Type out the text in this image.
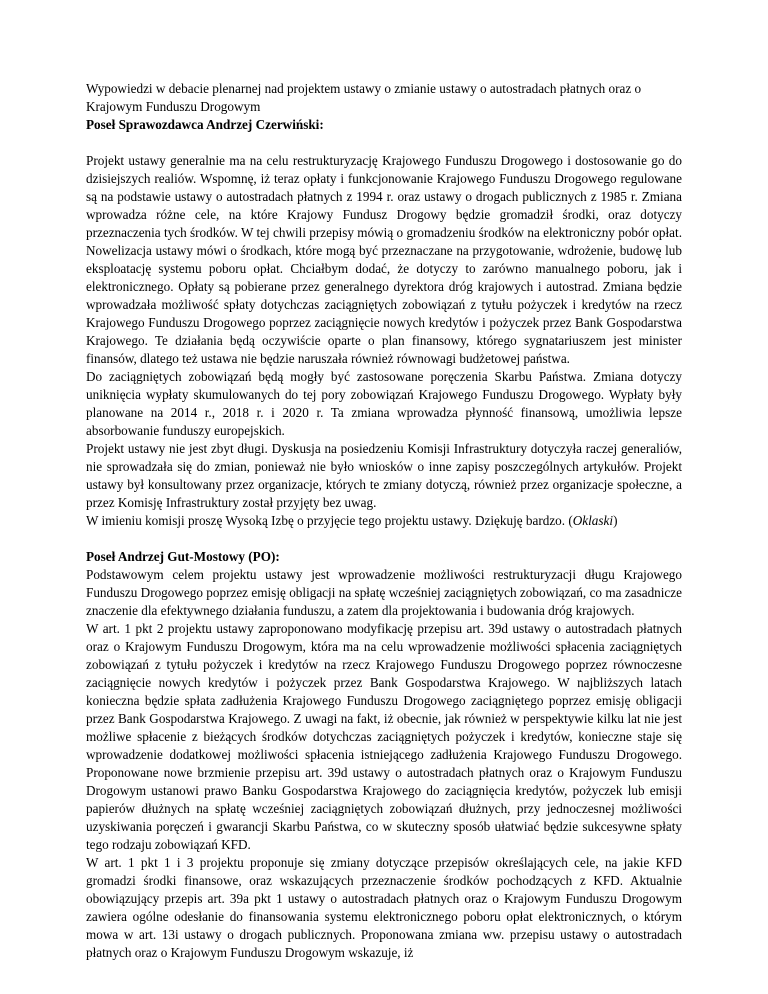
Wypowiedzi w debacie plenarnej nad projektem ustawy o zmianie ustawy o autostradach płatnych oraz o Krajowym Funduszu Drogowym

Poseł Sprawozdawca Andrzej Czerwiński:

Projekt ustawy generalnie ma na celu restrukturyzację Krajowego Funduszu Drogowego i dostosowanie go do dzisiejszych realiów. Wspomnę, iż teraz opłaty i funkcjonowanie Krajowego Funduszu Drogowego regulowane są na podstawie ustawy o autostradach płatnych z 1994 r. oraz ustawy o drogach publicznych z 1985 r. Zmiana wprowadza różne cele, na które Krajowy Fundusz Drogowy będzie gromadził środki, oraz dotyczy przeznaczenia tych środków. W tej chwili przepisy mówią o gromadzeniu środków na elektroniczny pobór opłat. Nowelizacja ustawy mówi o środkach, które mogą być przeznaczane na przygotowanie, wdrożenie, budowę lub eksploatację systemu poboru opłat. Chciałbym dodać, że dotyczy to zarówno manualnego poboru, jak i elektronicznego. Opłaty są pobierane przez generalnego dyrektora dróg krajowych i autostrad. Zmiana będzie wprowadzała możliwość spłaty dotychczas zaciągniętych zobowiązań z tytułu pożyczek i kredytów na rzecz Krajowego Funduszu Drogowego poprzez zaciągnięcie nowych kredytów i pożyczek przez Bank Gospodarstwa Krajowego. Te działania będą oczywiście oparte o plan finansowy, którego sygnatariuszem jest minister finansów, dlatego też ustawa nie będzie naruszała również równowagi budżetowej państwa.

Do zaciągniętych zobowiązań będą mogły być zastosowane poręczenia Skarbu Państwa. Zmiana dotyczy uniknięcia wypłaty skumulowanych do tej pory zobowiązań Krajowego Funduszu Drogowego. Wypłaty były planowane na 2014 r., 2018 r. i 2020 r. Ta zmiana wprowadza płynność finansową, umożliwia lepsze absorbowanie funduszy europejskich.

Projekt ustawy nie jest zbyt długi. Dyskusja na posiedzeniu Komisji Infrastruktury dotyczyła raczej generaliów, nie sprowadzała się do zmian, ponieważ nie było wniosków o inne zapisy poszczególnych artykułów. Projekt ustawy był konsultowany przez organizacje, których te zmiany dotyczą, również przez organizacje społeczne, a przez Komisję Infrastruktury został przyjęty bez uwag.

W imieniu komisji proszę Wysoką Izbę o przyjęcie tego projektu ustawy. Dziękuję bardzo. (Oklaski)

Poseł Andrzej Gut-Mostowy (PO):

Podstawowym celem projektu ustawy jest wprowadzenie możliwości restrukturyzacji długu Krajowego Funduszu Drogowego poprzez emisję obligacji na spłatę wcześniej zaciągniętych zobowiązań, co ma zasadnicze znaczenie dla efektywnego działania funduszu, a zatem dla projektowania i budowania dróg krajowych.

W art. 1 pkt 2 projektu ustawy zaproponowano modyfikację przepisu art. 39d ustawy o autostradach płatnych oraz o Krajowym Funduszu Drogowym, która ma na celu wprowadzenie możliwości spłacenia zaciągniętych zobowiązań z tytułu pożyczek i kredytów na rzecz Krajowego Funduszu Drogowego poprzez równoczesne zaciągnięcie nowych kredytów i pożyczek przez Bank Gospodarstwa Krajowego. W najbliższych latach konieczna będzie spłata zadłużenia Krajowego Funduszu Drogowego zaciągniętego poprzez emisję obligacji przez Bank Gospodarstwa Krajowego. Z uwagi na fakt, iż obecnie, jak również w perspektywie kilku lat nie jest możliwe spłacenie z bieżących środków dotychczas zaciągniętych pożyczek i kredytów, konieczne staje się wprowadzenie dodatkowej możliwości spłacenia istniejącego zadłużenia Krajowego Funduszu Drogowego. Proponowane nowe brzmienie przepisu art. 39d ustawy o autostradach płatnych oraz o Krajowym Funduszu Drogowym ustanowi prawo Banku Gospodarstwa Krajowego do zaciągnięcia kredytów, pożyczek lub emisji papierów dłużnych na spłatę wcześniej zaciągniętych zobowiązań dłużnych, przy jednoczesnej możliwości uzyskiwania poręczeń i gwarancji Skarbu Państwa, co w skuteczny sposób ułatwiać będzie sukcesywne spłaty tego rodzaju zobowiązań KFD.

W art. 1 pkt 1 i 3 projektu proponuje się zmiany dotyczące przepisów określających cele, na jakie KFD gromadzi środki finansowe, oraz wskazujących przeznaczenie środków pochodzących z KFD. Aktualnie obowiązujący przepis art. 39a pkt 1 ustawy o autostradach płatnych oraz o Krajowym Funduszu Drogowym zawiera ogólne odesłanie do finansowania systemu elektronicznego poboru opłat elektronicznych, o którym mowa w art. 13i ustawy o drogach publicznych. Proponowana zmiana ww. przepisu ustawy o autostradach płatnych oraz o Krajowym Funduszu Drogowym wskazuje, iż
